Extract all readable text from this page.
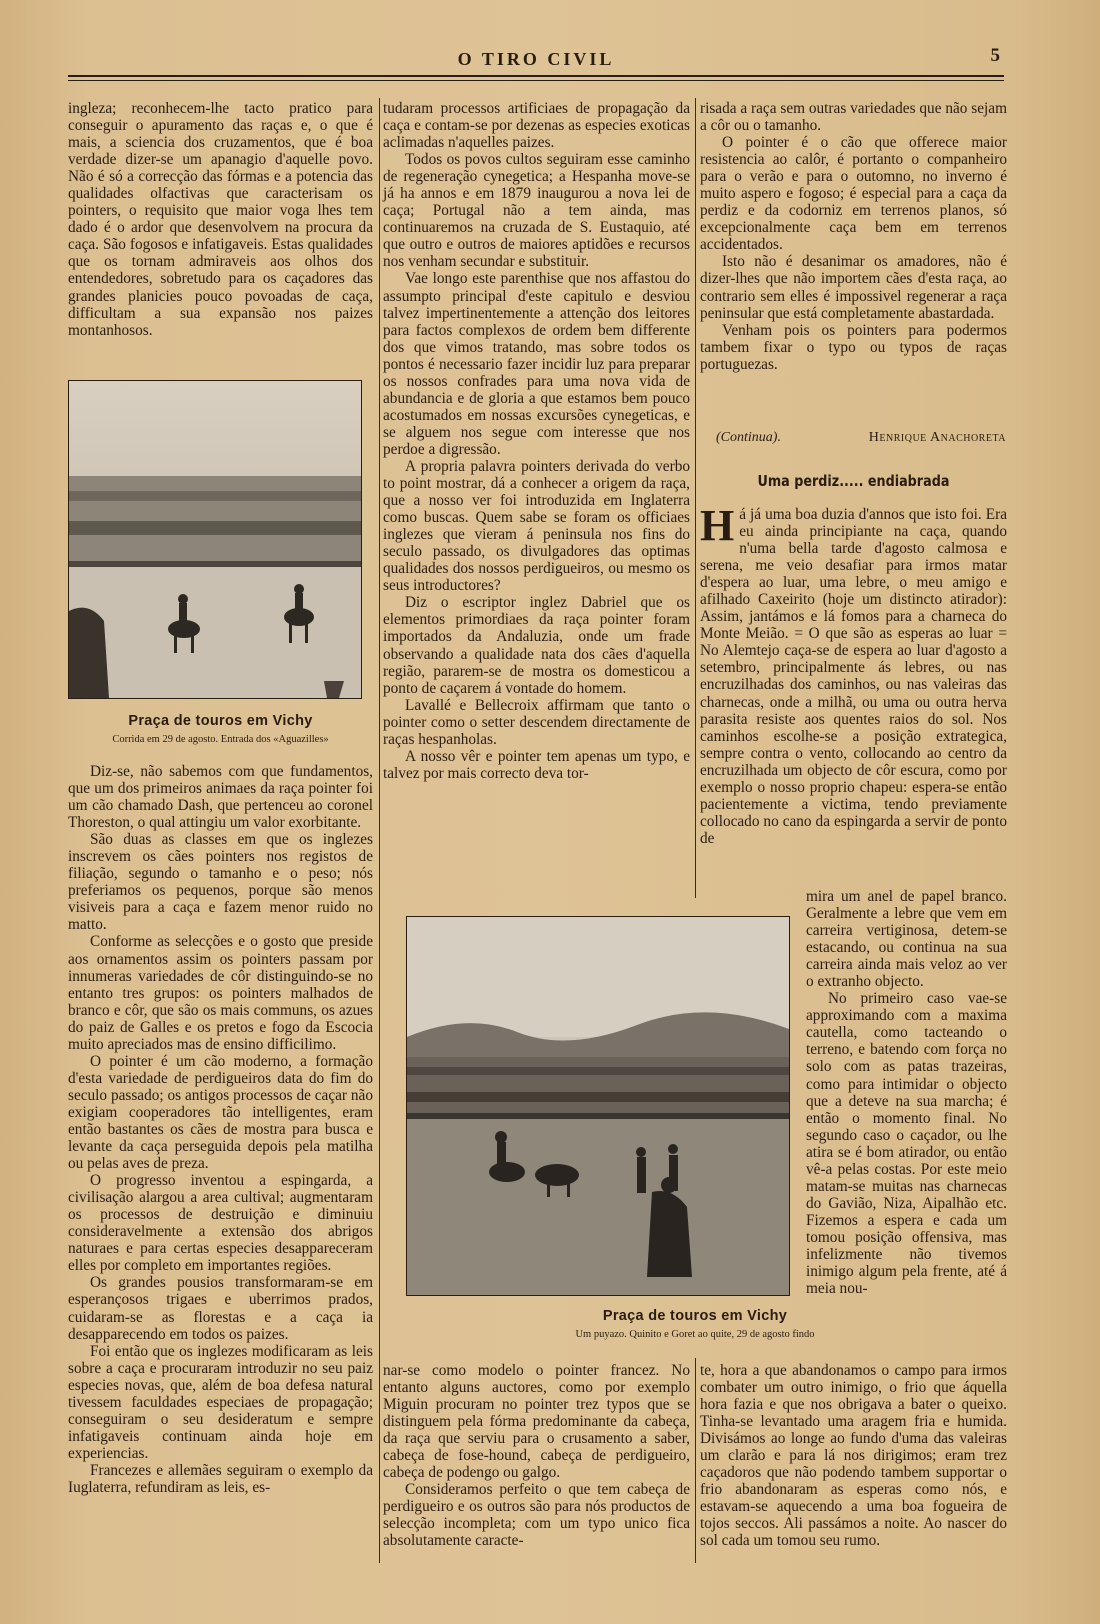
O TIRO CIVIL	5

ingleza; reconhecem-lhe tacto pratico para conseguir o apuramento das raças e, o que é mais, a sciencia dos cruzamentos, que é boa verdade dizer-se um apanagio d'aquelle povo. Não é só a correcção das fórmas e a potencia das qualidades olfactivas que caracterisam os pointers, o requisito que maior voga lhes tem dado é o ardor que desenvolvem na procura da caça. São fogosos e infatigaveis. Estas qualidades que os tornam admiraveis aos olhos dos entendedores, sobretudo para os caçadores das grandes planicies pouco povoadas de caça, difficultam a sua expansão nos paizes montanhosos.

Praça de touros em Vichy
Corrida em 29 de agosto. Entrada dos «Aguazilles»

Diz-se, não sabemos com que fundamentos, que um dos primeiros animaes da raça pointer foi um cão chamado Dash, que pertenceu ao coronel Thoreston, o qual attingiu um valor exorbitante.

São duas as classes em que os inglezes inscrevem os cães pointers nos registos de filiação, segundo o tamanho e o peso; nós preferiamos os pequenos, porque são menos visiveis para a caça e fazem menor ruido no matto.

Conforme as selecções e o gosto que preside aos ornamentos assim os pointers passam por innumeras variedades de côr distinguindo-se no entanto tres grupos: os pointers malhados de branco e côr, que são os mais communs, os azues do paiz de Galles e os pretos e fogo da Escocia muito apreciados mas de ensino difficilimo.

O pointer é um cão moderno, a formação d'esta variedade de perdigueiros data do fim do seculo passado; os antigos processos de caçar não exigiam cooperadores tão intelligentes, eram então bastantes os cães de mostra para busca e levante da caça perseguida depois pela matilha ou pelas aves de preza.

O progresso inventou a espingarda, a civilisação alargou a area cultival; augmentaram os processos de destruição e diminuiu consideravelmente a extensão dos abrigos naturaes e para certas especies desappareceram elles por completo em importantes regiões.

Os grandes pousios transformaram-se em esperançosos trigaes e uberrimos prados, cuidaram-se as florestas e a caça ia desapparecendo em todos os paizes.

Foi então que os inglezes modificaram as leis sobre a caça e procuraram introduzir no seu paiz especies novas, que, além de boa defesa natural tivessem faculdades especiaes de propagação; conseguiram o seu desideratum e sempre infatigaveis continuam ainda hoje em experiencias.

Francezes e allemães seguiram o exemplo da Iuglaterra, refundiram as leis, es-

tudaram processos artificiaes de propagação da caça e contam-se por dezenas as especies exoticas aclimadas n'aquelles paizes.

Todos os povos cultos seguiram esse caminho de regeneração cynegetica; a Hespanha move-se já ha annos e em 1879 inaugurou a nova lei de caça; Portugal não a tem ainda, mas continuaremos na cruzada de S. Eustaquio, até que outro e outros de maiores aptidões e recursos nos venham secundar e substituir.

Vae longo este parenthise que nos affastou do assumpto principal d'este capitulo e desviou talvez impertinentemente a attenção dos leitores para factos complexos de ordem bem differente dos que vimos tratando, mas sobre todos os pontos é necessario fazer incidir luz para preparar os nossos confrades para uma nova vida de abundancia e de gloria a que estamos bem pouco acostumados em nossas excursões cynegeticas, e se alguem nos segue com interesse que nos perdoe a digressão.

A propria palavra pointers derivada do verbo to point mostrar, dá a conhecer a origem da raça, que a nosso ver foi introduzida em Inglaterra como buscas. Quem sabe se foram os officiaes inglezes que vieram á peninsula nos fins do seculo passado, os divulgadores das optimas qualidades dos nossos perdigueiros, ou mesmo os seus introductores?

Diz o escriptor inglez Dabriel que os elementos primordiaes da raça pointer foram importados da Andaluzia, onde um frade observando a qualidade nata dos cães d'aquella região, pararem-se de mostra os domesticou a ponto de caçarem á vontade do homem.

Lavallé e Bellecroix affirmam que tanto o pointer como o setter descendem directamente de raças hespanholas.

A nosso vêr e pointer tem apenas um typo, e talvez por mais correcto deva tor-

risada a raça sem outras variedades que não sejam a côr ou o tamanho.

O pointer é o cão que offerece maior resistencia ao calôr, é portanto o companheiro para o verão e para o outomno, no inverno é muito aspero e fogoso; é especial para a caça da perdiz e da codorniz em terrenos planos, só excepcionalmente caça bem em terrenos accidentados.

Isto não é desanimar os amadores, não é dizer-lhes que não importem cães d'esta raça, ao contrario sem elles é impossivel regenerar a raça peninsular que está completamente abastardada.

Venham pois os pointers para podermos tambem fixar o typo ou typos de raças portuguezas.

(Continua).	Henrique Anachoreta
Uma perdiz..... endiabrada
Há já uma boa duzia d'annos que isto foi. Era eu ainda principiante na caça, quando n'uma bella tarde d'agosto calmosa e serena, me veio desafiar para irmos matar d'espera ao luar, uma lebre, o meu amigo e afilhado Caxeirito (hoje um distincto atirador): Assim, jantámos e lá fomos para a charneca do Monte Meião. = O que são as esperas ao luar = No Alemtejo caça-se de espera ao luar d'agosto a setembro, principalmente ás lebres, ou nas encruzilhadas dos caminhos, ou nas valeiras das charnecas, onde a milhã, ou uma ou outra herva parasita resiste aos quentes raios do sol. Nos caminhos escolhe-se a posição extrategica, sempre contra o vento, collocando ao centro da encruzilhada um objecto de côr escura, como por exemplo o nosso proprio chapeu: espera-se então pacientemente a victima, tendo previamente collocado no cano da espingarda a servir de ponto de

mira um anel de papel branco. Geralmente a lebre que vem em carreira vertiginosa, detem-se estacando, ou continua na sua carreira ainda mais veloz ao ver o extranho objecto.

No primeiro caso vae-se approximando com a maxima cautella, como tacteando o terreno, e batendo com força no solo com as patas trazeiras, como para intimidar o objecto que a deteve na sua marcha; é então o momento final. No segundo caso o caçador, ou lhe atira se é bom atirador, ou então vê-a pelas costas. Por este meio matam-se muitas nas charnecas do Gavião, Niza, Aipalhão etc. Fizemos a espera e cada um tomou posição offensiva, mas infelizmente não tivemos inimigo algum pela frente, até á meia nou-

Praça de touros em Vichy
Um puyazo. Quinito e Goret ao quite, 29 de agosto findo

nar-se como modelo o pointer francez. No entanto alguns auctores, como por exemplo Miguin procuram no pointer trez typos que se distinguem pela fórma predominante da cabeça, da raça que serviu para o crusamento a saber, cabeça de fose-hound, cabeça de perdigueiro, cabeça de podengo ou galgo.

Consideramos perfeito o que tem cabeça de perdigueiro e os outros são para nós productos de selecção incompleta; com um typo unico fica absolutamente caracte-

te, hora a que abandonamos o campo para irmos combater um outro inimigo, o frio que áquella hora fazia e que nos obrigava a bater o queixo. Tinha-se levantado uma aragem fria e humida. Divisámos ao longe ao fundo d'uma das valeiras um clarão e para lá nos dirigimos; eram trez caçadoros que não podendo tambem supportar o frio abandonaram as esperas como nós, e estavam-se aquecendo a uma boa fogueira de tojos seccos. Ali passámos a noite. Ao nascer do sol cada um tomou seu rumo.
